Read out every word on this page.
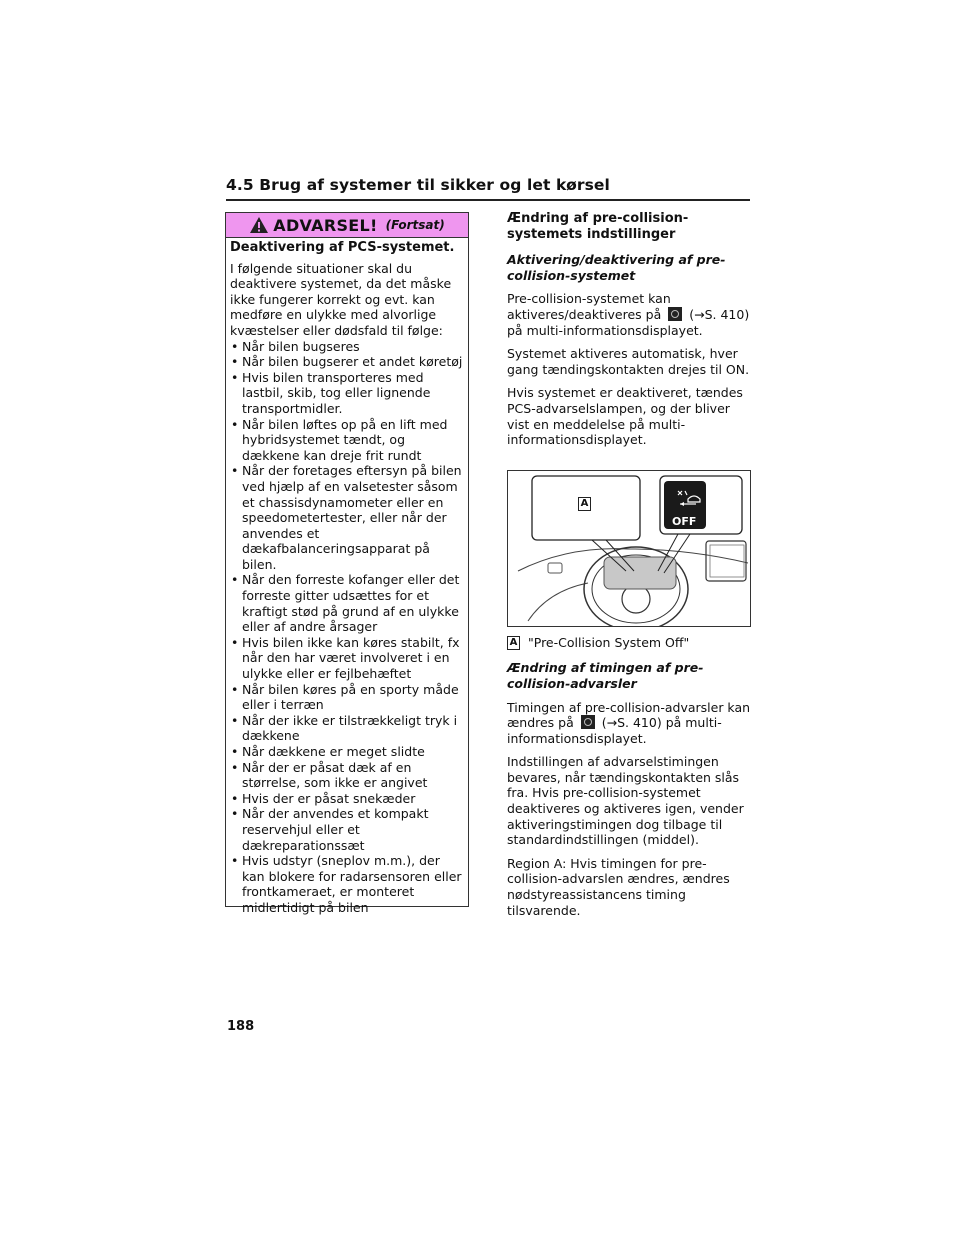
4.5 Brug af systemer til sikker og let kørsel
ADVARSEL! (Fortsat)
Deaktivering af PCS-systemet.

I følgende situationer skal du deaktivere systemet, da det måske ikke fungerer korrekt og evt. kan medføre en ulykke med alvorlige kvæstelser eller dødsfald til følge:

• Når bilen bugseres
• Når bilen bugserer et andet køretøj
• Hvis bilen transporteres med lastbil, skib, tog eller lignende transportmidler.
• Når bilen løftes op på en lift med hybridsystemet tændt, og dækkene kan dreje frit rundt
• Når der foretages eftersyn på bilen ved hjælp af en valsetester såsom et chassisdynamometer eller en speedometertester, eller når der anvendes et dækafbalanceringsapparat på bilen.
• Når den forreste kofanger eller det forreste gitter udsættes for et kraftigt stød på grund af en ulykke eller af andre årsager
• Hvis bilen ikke kan køres stabilt, fx når den har været involveret i en ulykke eller er fejlbehæftet
• Når bilen køres på en sporty måde eller i terræn
• Når der ikke er tilstrækkeligt tryk i dækkene
• Når dækkene er meget slidte
• Når der er påsat dæk af en størrelse, som ikke er angivet
• Hvis der er påsat snekæder
• Når der anvendes et kompakt reservehjul eller et dækreparationssæt
• Hvis udstyr (sneplov m.m.), der kan blokere for radarsensoren eller frontkameraet, er monteret midlertidigt på bilen

Ændring af pre-collision-systemets indstillinger

Aktivering/deaktivering af pre-collision-systemet

Pre-collision-systemet kan aktiveres/deaktiveres på (→S. 410) på multi-informationsdisplayet.

Systemet aktiveres automatisk, hver gang tændingskontakten drejes til ON.

Hvis systemet er deaktiveret, tændes PCS-advarselslampen, og der bliver vist en meddelelse på multi-informationsdisplayet.

A
OFF
A "Pre-Collision System Off"

Ændring af timingen af pre-collision-advarsler

Timingen af pre-collision-advarsler kan ændres på (→S. 410) på multi-informationsdisplayet.

Indstillingen af advarselstimingen bevares, når tændingskontakten slås fra. Hvis pre-collision-systemet deaktiveres og aktiveres igen, vender aktiveringstimingen dog tilbage til standardindstillingen (middel).

Region A: Hvis timingen for pre-collision-advarslen ændres, ændres nødstyreassistancens timing tilsvarende.

188
